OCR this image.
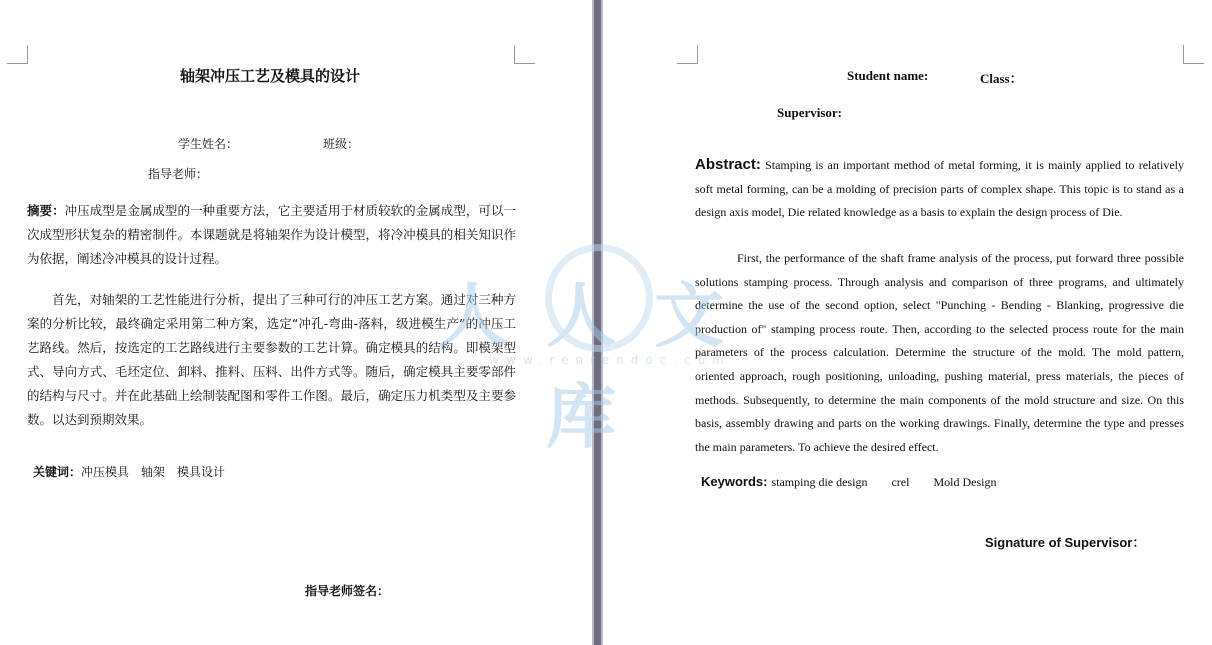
轴架冲压工艺及模具的设计

学生姓名：	班级：

指导老师：

摘要：冲压成型是金属成型的一种重要方法，它主要适用于材质较软的金属成型，可以一次成型形状复杂的精密制件。本课题就是将轴架作为设计模型，将冷冲模具的相关知识作为依据，阐述冷冲模具的设计过程。

首先，对轴架的工艺性能进行分析，提出了三种可行的冲压工艺方案。通过对三种方案的分析比较，最终确定采用第二种方案，选定“冲孔-弯曲-落料，级进模生产”的冲压工艺路线。然后，按选定的工艺路线进行主要参数的工艺计算。确定模具的结构。即模架型式、导向方式、毛坯定位、卸料、推料、压料、出件方式等。随后，确定模具主要零部件的结构与尺寸。并在此基础上绘制装配图和零件工作图。最后，确定压力机类型及主要参数。以达到预期效果。

关键词：冲压模具 轴架 模具设计

指导老师签名：

Student name:	Class：

Supervisor:

Abstract: Stamping is an important method of metal forming, it is mainly applied to relatively soft metal forming, can be a molding of precision parts of complex shape. This topic is to stand as a design axis model, Die related knowledge as a basis to explain the design process of Die.

First, the performance of the shaft frame analysis of the process, put forward three possible solutions stamping process. Through analysis and comparison of three programs, and ultimately determine the use of the second option, select "Punching - Bending - Blanking, progressive die production of" stamping process route. Then, according to the selected process route for the main parameters of the process calculation. Determine the structure of the mold. The mold pattern, oriented approach, rough positioning, unloading, pushing material, press materials, the pieces of methods. Subsequently, to determine the main components of the mold structure and size. On this basis, assembly drawing and parts on the working drawings. Finally, determine the type and presses the main parameters. To achieve the desired effect.

Keywords: stamping die design crel Mold Design

Signature of Supervisor：

人人文库
www.renrendoc.com
